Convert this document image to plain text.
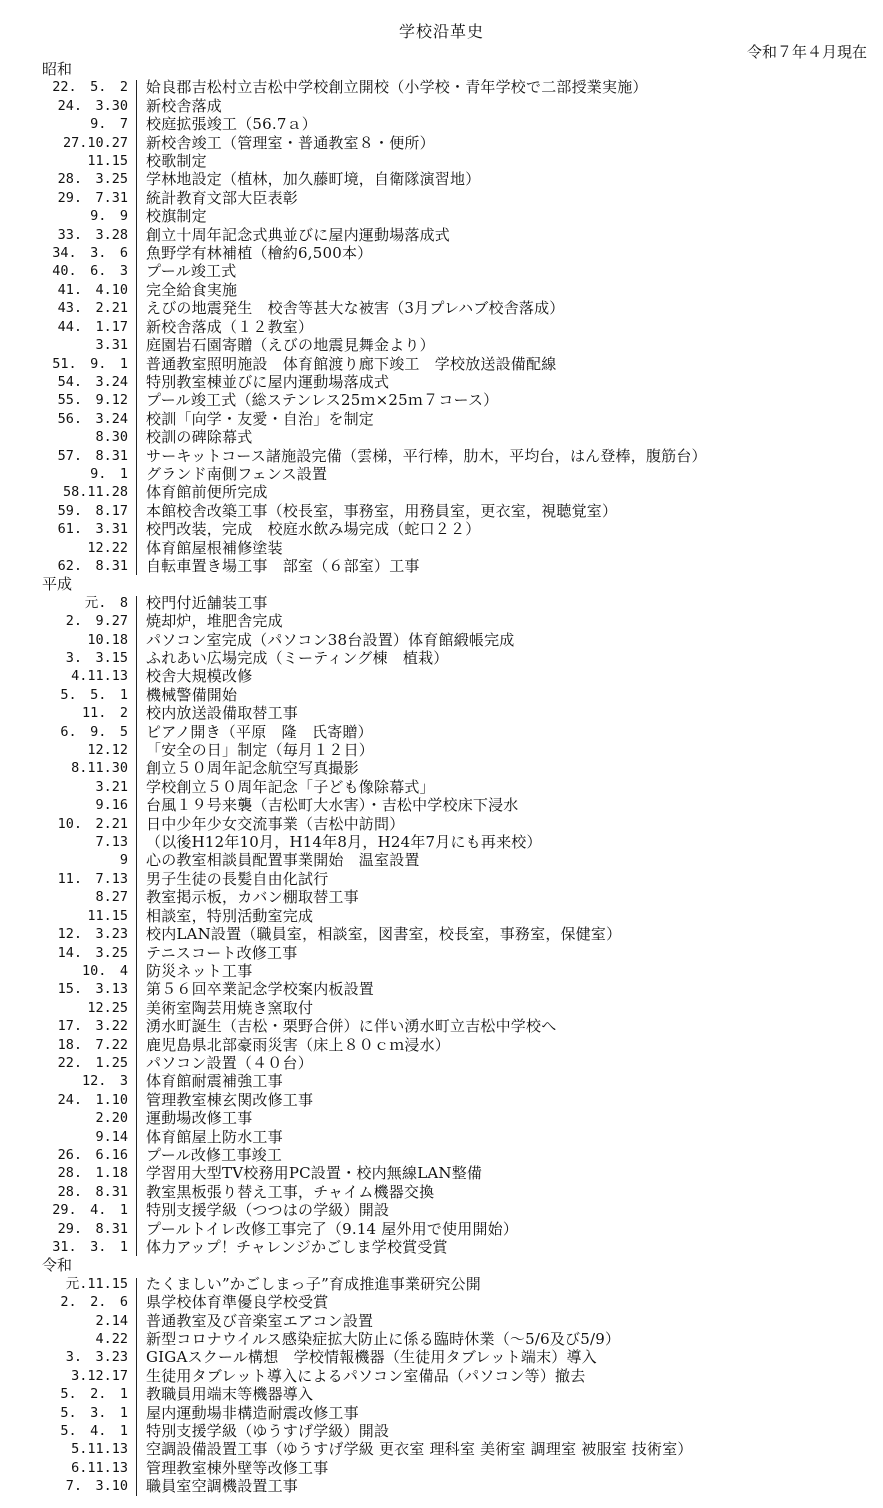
学校沿革史
令和７年４月現在
昭和
22.　5.　2 姶良郡吉松村立吉松中学校創立開校（小学校・青年学校で二部授業実施）
24.　3.30 新校舎落成
9.　7 校庭拡張竣工（56.7ａ）
27.10.27 新校舎竣工（管理室・普通教室８・便所）
11.15 校歌制定
28.　3.25 学林地設定（植林，加久藤町境，自衛隊演習地）
29.　7.31 統計教育文部大臣表彰
9.　9 校旗制定
33.　3.28 創立十周年記念式典並びに屋内運動場落成式
34.　3.　6 魚野学有林補植（檜約6,500本）
40.　6.　3 プール竣工式
41.　4.10 完全給食実施
43.　2.21 えびの地震発生　校舎等甚大な被害（3月プレハブ校舎落成）
44.　1.17 新校舎落成（１２教室）
3.31 庭園岩石園寄贈（えびの地震見舞金より）
51.　9.　1 普通教室照明施設　体育館渡り廊下竣工　学校放送設備配線
54.　3.24 特別教室棟並びに屋内運動場落成式
55.　9.12 プール竣工式（総ステンレス25ｍ×25ｍ７コース）
56.　3.24 校訓「向学・友愛・自治」を制定
8.30 校訓の碑除幕式
57.　8.31 サーキットコース諸施設完備（雲梯，平行棒，肋木，平均台，はん登棒，腹筋台）
9.　1 グランド南側フェンス設置
58.11.28 体育館前便所完成
59.　8.17 本館校舎改築工事（校長室，事務室，用務員室，更衣室，視聴覚室）
61.　3.31 校門改装，完成　校庭水飲み場完成（蛇口２２）
12.22 体育館屋根補修塗装
62.　8.31 自転車置き場工事　部室（６部室）工事
平成
元.　8 校門付近舗装工事
2.　9.27 焼却炉，堆肥舎完成
10.18 パソコン室完成（パソコン38台設置）体育館緞帳完成
3.　3.15 ふれあい広場完成（ミーティング棟　植栽）
4.11.13 校舎大規模改修
5.　5.　1 機械警備開始
11.　2 校内放送設備取替工事
6.　9.　5 ピアノ開き（平原　隆　氏寄贈）
12.12 「安全の日」制定（毎月１２日）
8.11.30 創立５０周年記念航空写真撮影
3.21 学校創立５０周年記念「子ども像除幕式」
9.16 台風１９号来襲（吉松町大水害）・吉松中学校床下浸水
10.　2.21 日中少年少女交流事業（吉松中訪問）
7.13 （以後H12年10月，H14年8月，H24年7月にも再来校）
9 心の教室相談員配置事業開始　温室設置
11.　7.13 男子生徒の長髪自由化試行
8.27 教室掲示板，カバン棚取替工事
11.15 相談室，特別活動室完成
12.　3.23 校内LAN設置（職員室，相談室，図書室，校長室，事務室，保健室）
14.　3.25 テニスコート改修工事
10.　4 防災ネット工事
15.　3.13 第５６回卒業記念学校案内板設置
12.25 美術室陶芸用焼き窯取付
17.　3.22 湧水町誕生（吉松・栗野合併）に伴い湧水町立吉松中学校へ
18.　7.22 鹿児島県北部豪雨災害（床上８０ｃｍ浸水）
22.　1.25 パソコン設置（４０台）
12.　3 体育館耐震補強工事
24.　1.10 管理教室棟玄関改修工事
2.20 運動場改修工事
9.14 体育館屋上防水工事
26.　6.16 プール改修工事竣工
28.　1.18 学習用大型TV校務用PC設置・校内無線LAN整備
28.　8.31 教室黒板張り替え工事，チャイム機器交換
29.　4.　1 特別支援学級（つつはの学級）開設
29.　8.31 プールトイレ改修工事完了（9.14 屋外用で使用開始）
31.　3.　1 体力アップ！チャレンジかごしま学校賞受賞
令和
元.11.15 たくましい”かごしまっ子”育成推進事業研究公開
2.　2.　6 県学校体育準優良学校受賞
2.14 普通教室及び音楽室エアコン設置
4.22 新型コロナウイルス感染症拡大防止に係る臨時休業（～5/6及び5/9）
3.　3.23 GIGAスクール構想　学校情報機器（生徒用タブレット端末）導入
3.12.17 生徒用タブレット導入によるパソコン室備品（パソコン等）撤去
5.　2.　1 教職員用端末等機器導入
5.　3.　1 屋内運動場非構造耐震改修工事
5.　4.　1 特別支援学級（ゆうすげ学級）開設
5.11.13 空調設備設置工事（ゆうすげ学級 更衣室 理科室 美術室 調理室 被服室 技術室）
6.11.13 管理教室棟外壁等改修工事
7.　3.10 職員室空調機設置工事
